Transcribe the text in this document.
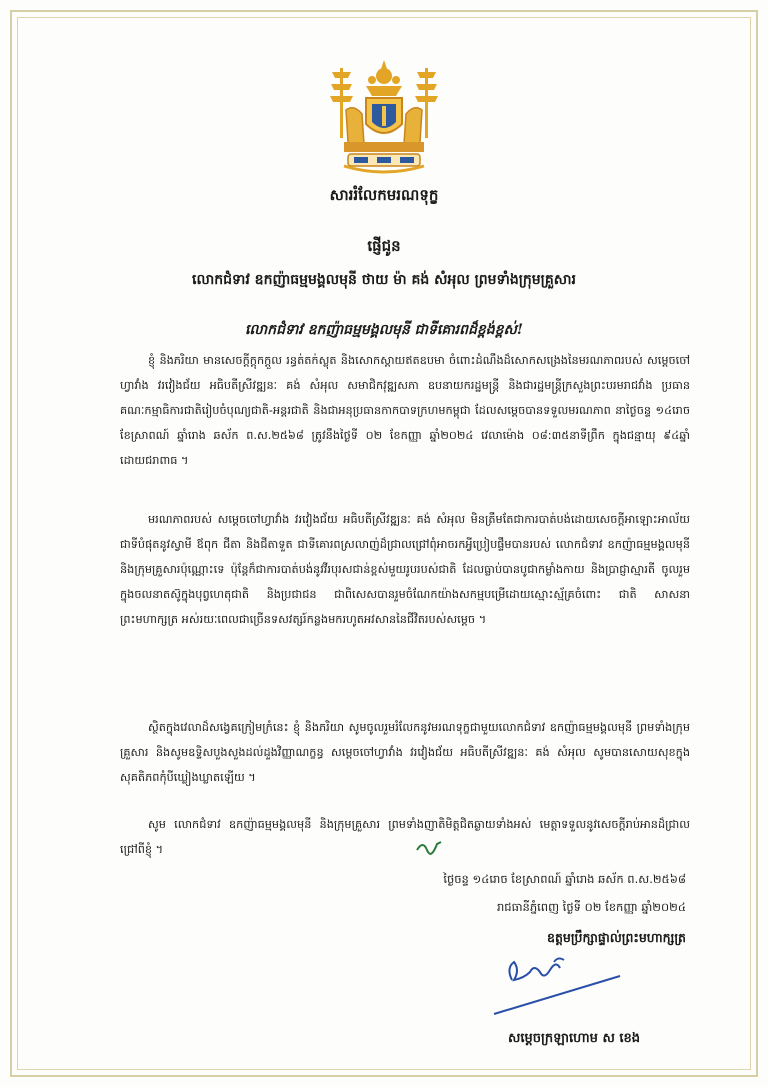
សាររំលែកមរណទុក្ខ
ផ្ញើជូន
លោកជំទាវ ឧកញ៉ាធម្មមង្គលមុនី ថាយ ម៉ា គង់ សំអុល ព្រមទាំងក្រុមគ្រួសារ
លោកជំទាវ ឧកញ៉ាធម្មមង្គលមុនី ជាទីគោរពដ៏ខ្ពង់ខ្ពស់!

ខ្ញុំ និងភរិយា មានសេចក្តីក្តុកក្តួល រន្ធត់តក់ស្លុត និងសោកស្តាយឥតឧបមា ចំពោះដំណឹងដ៏សោកសង្រេងនៃមរណភាពរបស់ សម្តេចចៅហ្វាវាំង វរវៀងជ័យ អធិបតីស្រីវឌ្ឍនៈ គង់ សំអុល សមាជិកវុឌ្ឍសភា ឧបនាយករដ្ឋមន្ត្រី និងជារដ្ឋមន្ត្រីក្រសួងព្រះបរមរាជវាំង ប្រធានគណៈកម្មាធិការជាតិរៀបចំបុណ្យជាតិ-អន្តរជាតិ និងជាអនុប្រធានកាកបាទក្រហមកម្ពុជា ដែលសម្តេចបានទទួលមរណភាព នាថ្ងៃចន្ទ ១៤រោច ខែស្រាពណ៍ ឆ្នាំរោង ឆស័ក ព.ស.២៥៦៨ ត្រូវនឹងថ្ងៃទី ០២ ខែកញ្ញា ឆ្នាំ២០២៤ វេលាម៉ោង ០៨:៣៥នាទីព្រឹក ក្នុងជន្មាយុ ៩៤ឆ្នាំ ដោយជរាពាធ ។

មរណភាពរបស់ សម្តេចចៅហ្វាវាំង វរវៀងជ័យ អធិបតីស្រីវឌ្ឍនៈ គង់ សំអុល មិនត្រឹមតែជាការបាត់បង់ដោយសេចក្តីអាឡោះអាល័យជាទីបំផុតនូវស្វាមី ឪពុក ជីតា និងជីតាទួត ជាទីគោរពស្រលាញ់ដ៏ជ្រាលជ្រៅពុំអាចរកអ្វីប្រៀបផ្ទឹមបានរបស់ លោកជំទាវ ឧកញ៉ាធម្មមង្គលមុនី និងក្រុមគ្រួសារប៉ុណ្ណោះទេ ប៉ុន្តែក៏ជាការបាត់បង់នូវវីរបុរសជាន់ខ្ពស់មួយរូបរបស់ជាតិ ដែលធ្លាប់បានបូជាកម្លាំងកាយ និងប្រាជ្ញាស្មារតី ចូលរួមក្នុងចលនាតស៊ូក្នុងបុព្វហេតុជាតិ និងប្រជាជន ជាពិសេសបានរួមចំណែកយ៉ាងសកម្មបម្រើដោយស្មោះស្ម័គ្រចំពោះ ជាតិ សាសនា ព្រះមហាក្សត្រ អស់រយៈពេលជាច្រើនទសវត្សរ៍កន្លងមករហូតអវសាននៃជីវិតរបស់សម្តេច ។

ស្ថិតក្នុងវេលាដ៏សង្វេគក្រៀមក្រំនេះ ខ្ញុំ និងភរិយា សូមចូលរួមរំលែកនូវមរណទុក្ខជាមួយលោកជំទាវ ឧកញ៉ាធម្មមង្គលមុនី ព្រមទាំងក្រុមគ្រួសារ និងសូមឧទ្ទិសបួងសួងដល់ដួងវិញ្ញាណក្ខន្ធ សម្តេចចៅហ្វាវាំង វរវៀងជ័យ អធិបតីស្រីវឌ្ឍនៈ គង់ សំអុល សូមបានសោយសុខក្នុងសុគតិភពកុំបីឃ្លៀងឃ្លាតឡើយ ។

សូម លោកជំទាវ ឧកញ៉ាធម្មមង្គលមុនី និងក្រុមគ្រួសារ ព្រមទាំងញាតិមិត្តជិតឆ្ងាយទាំងអស់ មេត្តាទទួលនូវសេចក្តីរាប់អានដ៏ជ្រាលជ្រៅពីខ្ញុំ ។

ថ្ងៃចន្ទ ១៤រោច ខែស្រាពណ៍ ឆ្នាំរោង ឆស័ក ព.ស.២៥៦៨
រាជធានីភ្នំពេញ ថ្ងៃទី ០២ ខែកញ្ញា ឆ្នាំ២០២៤
ឧត្តមប្រឹក្សាផ្ទាល់ព្រះមហាក្សត្រ
សម្តេចក្រឡាហោម ស ខេង
